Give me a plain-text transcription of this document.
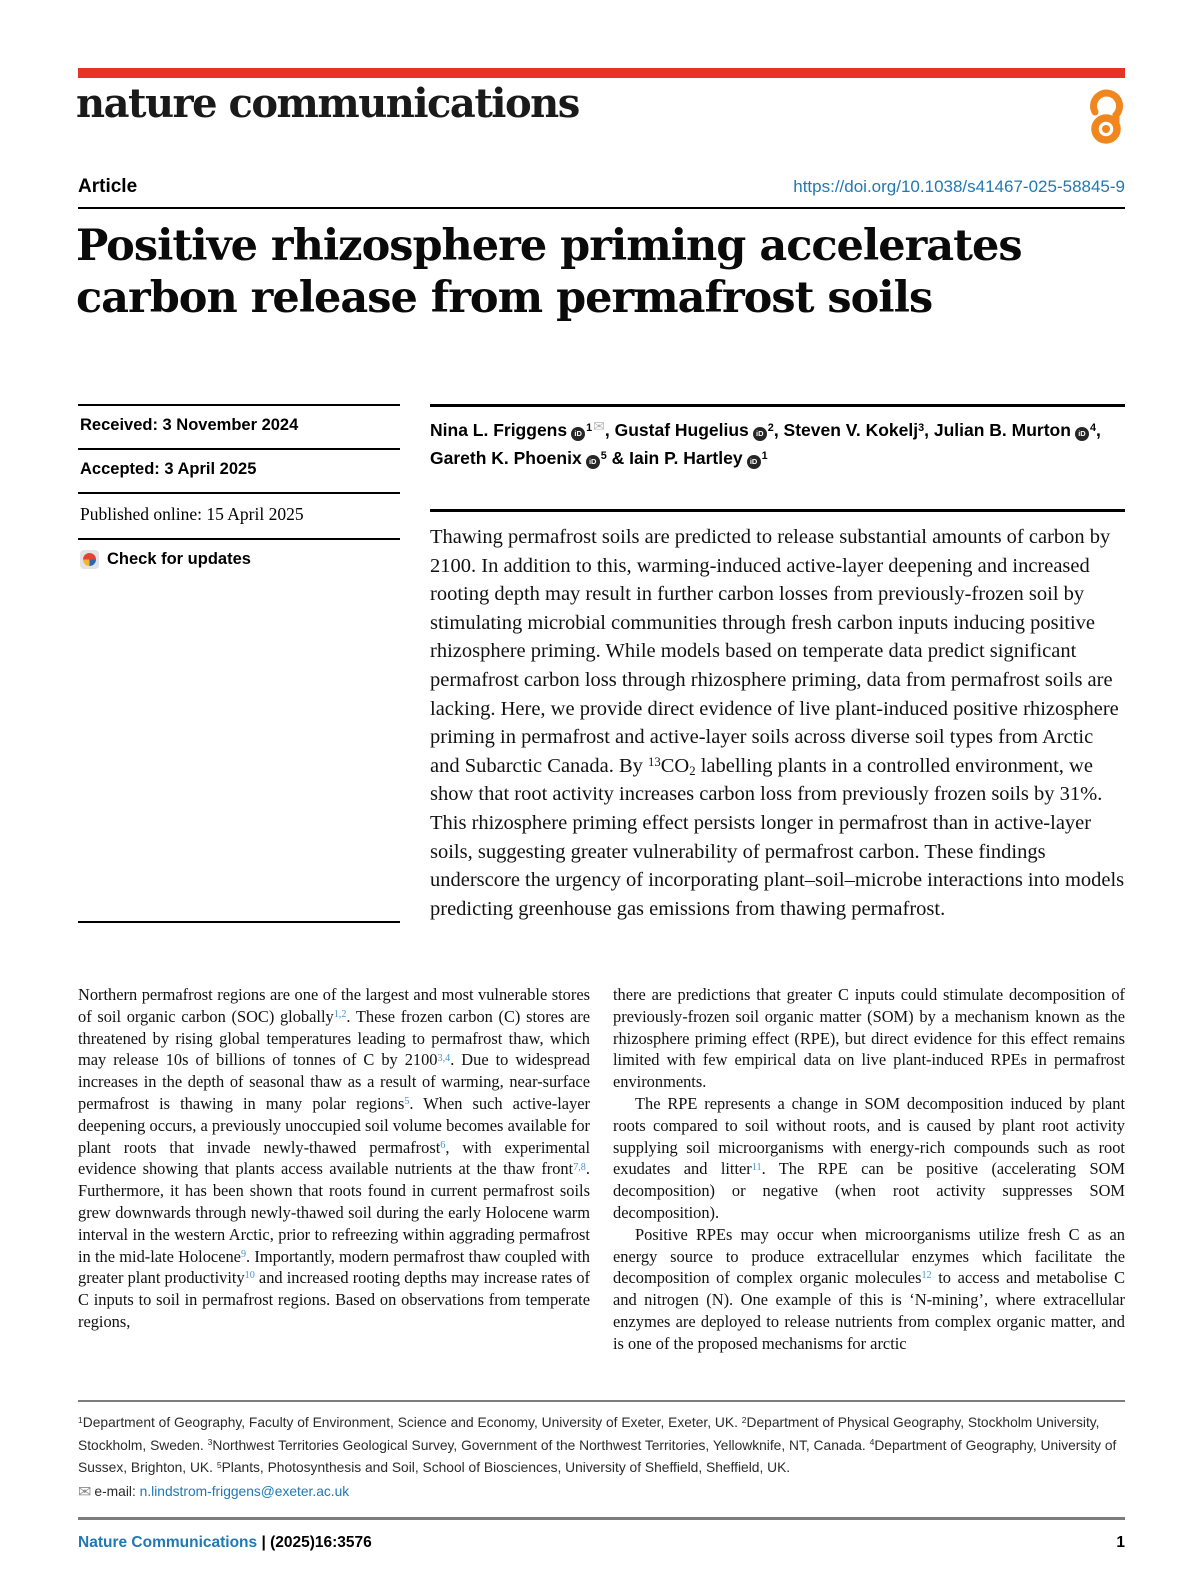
nature communications
Article	https://doi.org/10.1038/s41467-025-58845-9
Positive rhizosphere priming accelerates carbon release from permafrost soils
Received: 3 November 2024
Accepted: 3 April 2025
Published online: 15 April 2025
Check for updates
Nina L. Friggens iD $^1$✉, Gustaf Hugelius iD $^2$, Steven V. Kokelj$^3$, Julian B. Murton iD $^4$,
Gareth K. Phoenix iD $^5$ & Iain P. Hartley iD $^1$
Thawing permafrost soils are predicted to release substantial amounts of carbon by 2100. In addition to this, warming-induced active-layer deepening and increased rooting depth may result in further carbon losses from previously-frozen soil by stimulating microbial communities through fresh carbon inputs inducing positive rhizosphere priming. While models based on temperate data predict significant permafrost carbon loss through rhizosphere priming, data from permafrost soils are lacking. Here, we provide direct evidence of live plant-induced positive rhizosphere priming in permafrost and active-layer soils across diverse soil types from Arctic and Subarctic Canada. By $^{13}CO_2$ labelling plants in a controlled environment, we show that root activity increases carbon loss from previously frozen soils by 31%. This rhizosphere priming effect persists longer in permafrost than in active-layer soils, suggesting greater vulnerability of permafrost carbon. These findings underscore the urgency of incorporating plant–soil–microbe interactions into models predicting greenhouse gas emissions from thawing permafrost.

Northern permafrost regions are one of the largest and most vulnerable stores of soil organic carbon (SOC) globally$^{1,2}$. These frozen carbon (C) stores are threatened by rising global temperatures leading to permafrost thaw, which may release 10s of billions of tonnes of C by 2100$^{3,4}$. Due to widespread increases in the depth of seasonal thaw as a result of warming, near-surface permafrost is thawing in many polar regions$^5$. When such active-layer deepening occurs, a previously unoccupied soil volume becomes available for plant roots that invade newly-thawed permafrost$^6$, with experimental evidence showing that plants access available nutrients at the thaw front$^{7,8}$. Furthermore, it has been shown that roots found in current permafrost soils grew downwards through newly-thawed soil during the early Holocene warm interval in the western Arctic, prior to refreezing within aggrading permafrost in the mid-late Holocene$^9$. Importantly, modern permafrost thaw coupled with greater plant productivity$^{10}$ and increased rooting depths may increase rates of C inputs to soil in permafrost regions. Based on observations from temperate regions,

there are predictions that greater C inputs could stimulate decomposition of previously-frozen soil organic matter (SOM) by a mechanism known as the rhizosphere priming effect (RPE), but direct evidence for this effect remains limited with few empirical data on live plant-induced RPEs in permafrost environments.

The RPE represents a change in SOM decomposition induced by plant roots compared to soil without roots, and is caused by plant root activity supplying soil microorganisms with energy-rich compounds such as root exudates and litter$^{11}$. The RPE can be positive (accelerating SOM decomposition) or negative (when root activity suppresses SOM decomposition).

Positive RPEs may occur when microorganisms utilize fresh C as an energy source to produce extracellular enzymes which facilitate the decomposition of complex organic molecules$^{12}$ to access and metabolise C and nitrogen (N). One example of this is ‘N-mining’, where extracellular enzymes are deployed to release nutrients from complex organic matter, and is one of the proposed mechanisms for arctic

$^1$Department of Geography, Faculty of Environment, Science and Economy, University of Exeter, Exeter, UK. $^2$Department of Physical Geography, Stockholm University, Stockholm, Sweden. $^3$Northwest Territories Geological Survey, Government of the Northwest Territories, Yellowknife, NT, Canada. $^4$Department of Geography, University of Sussex, Brighton, UK. $^5$Plants, Photosynthesis and Soil, School of Biosciences, University of Sheffield, Sheffield, UK.
✉ e-mail: n.lindstrom-friggens@exeter.ac.uk
Nature Communications | (2025)16:3576	1
